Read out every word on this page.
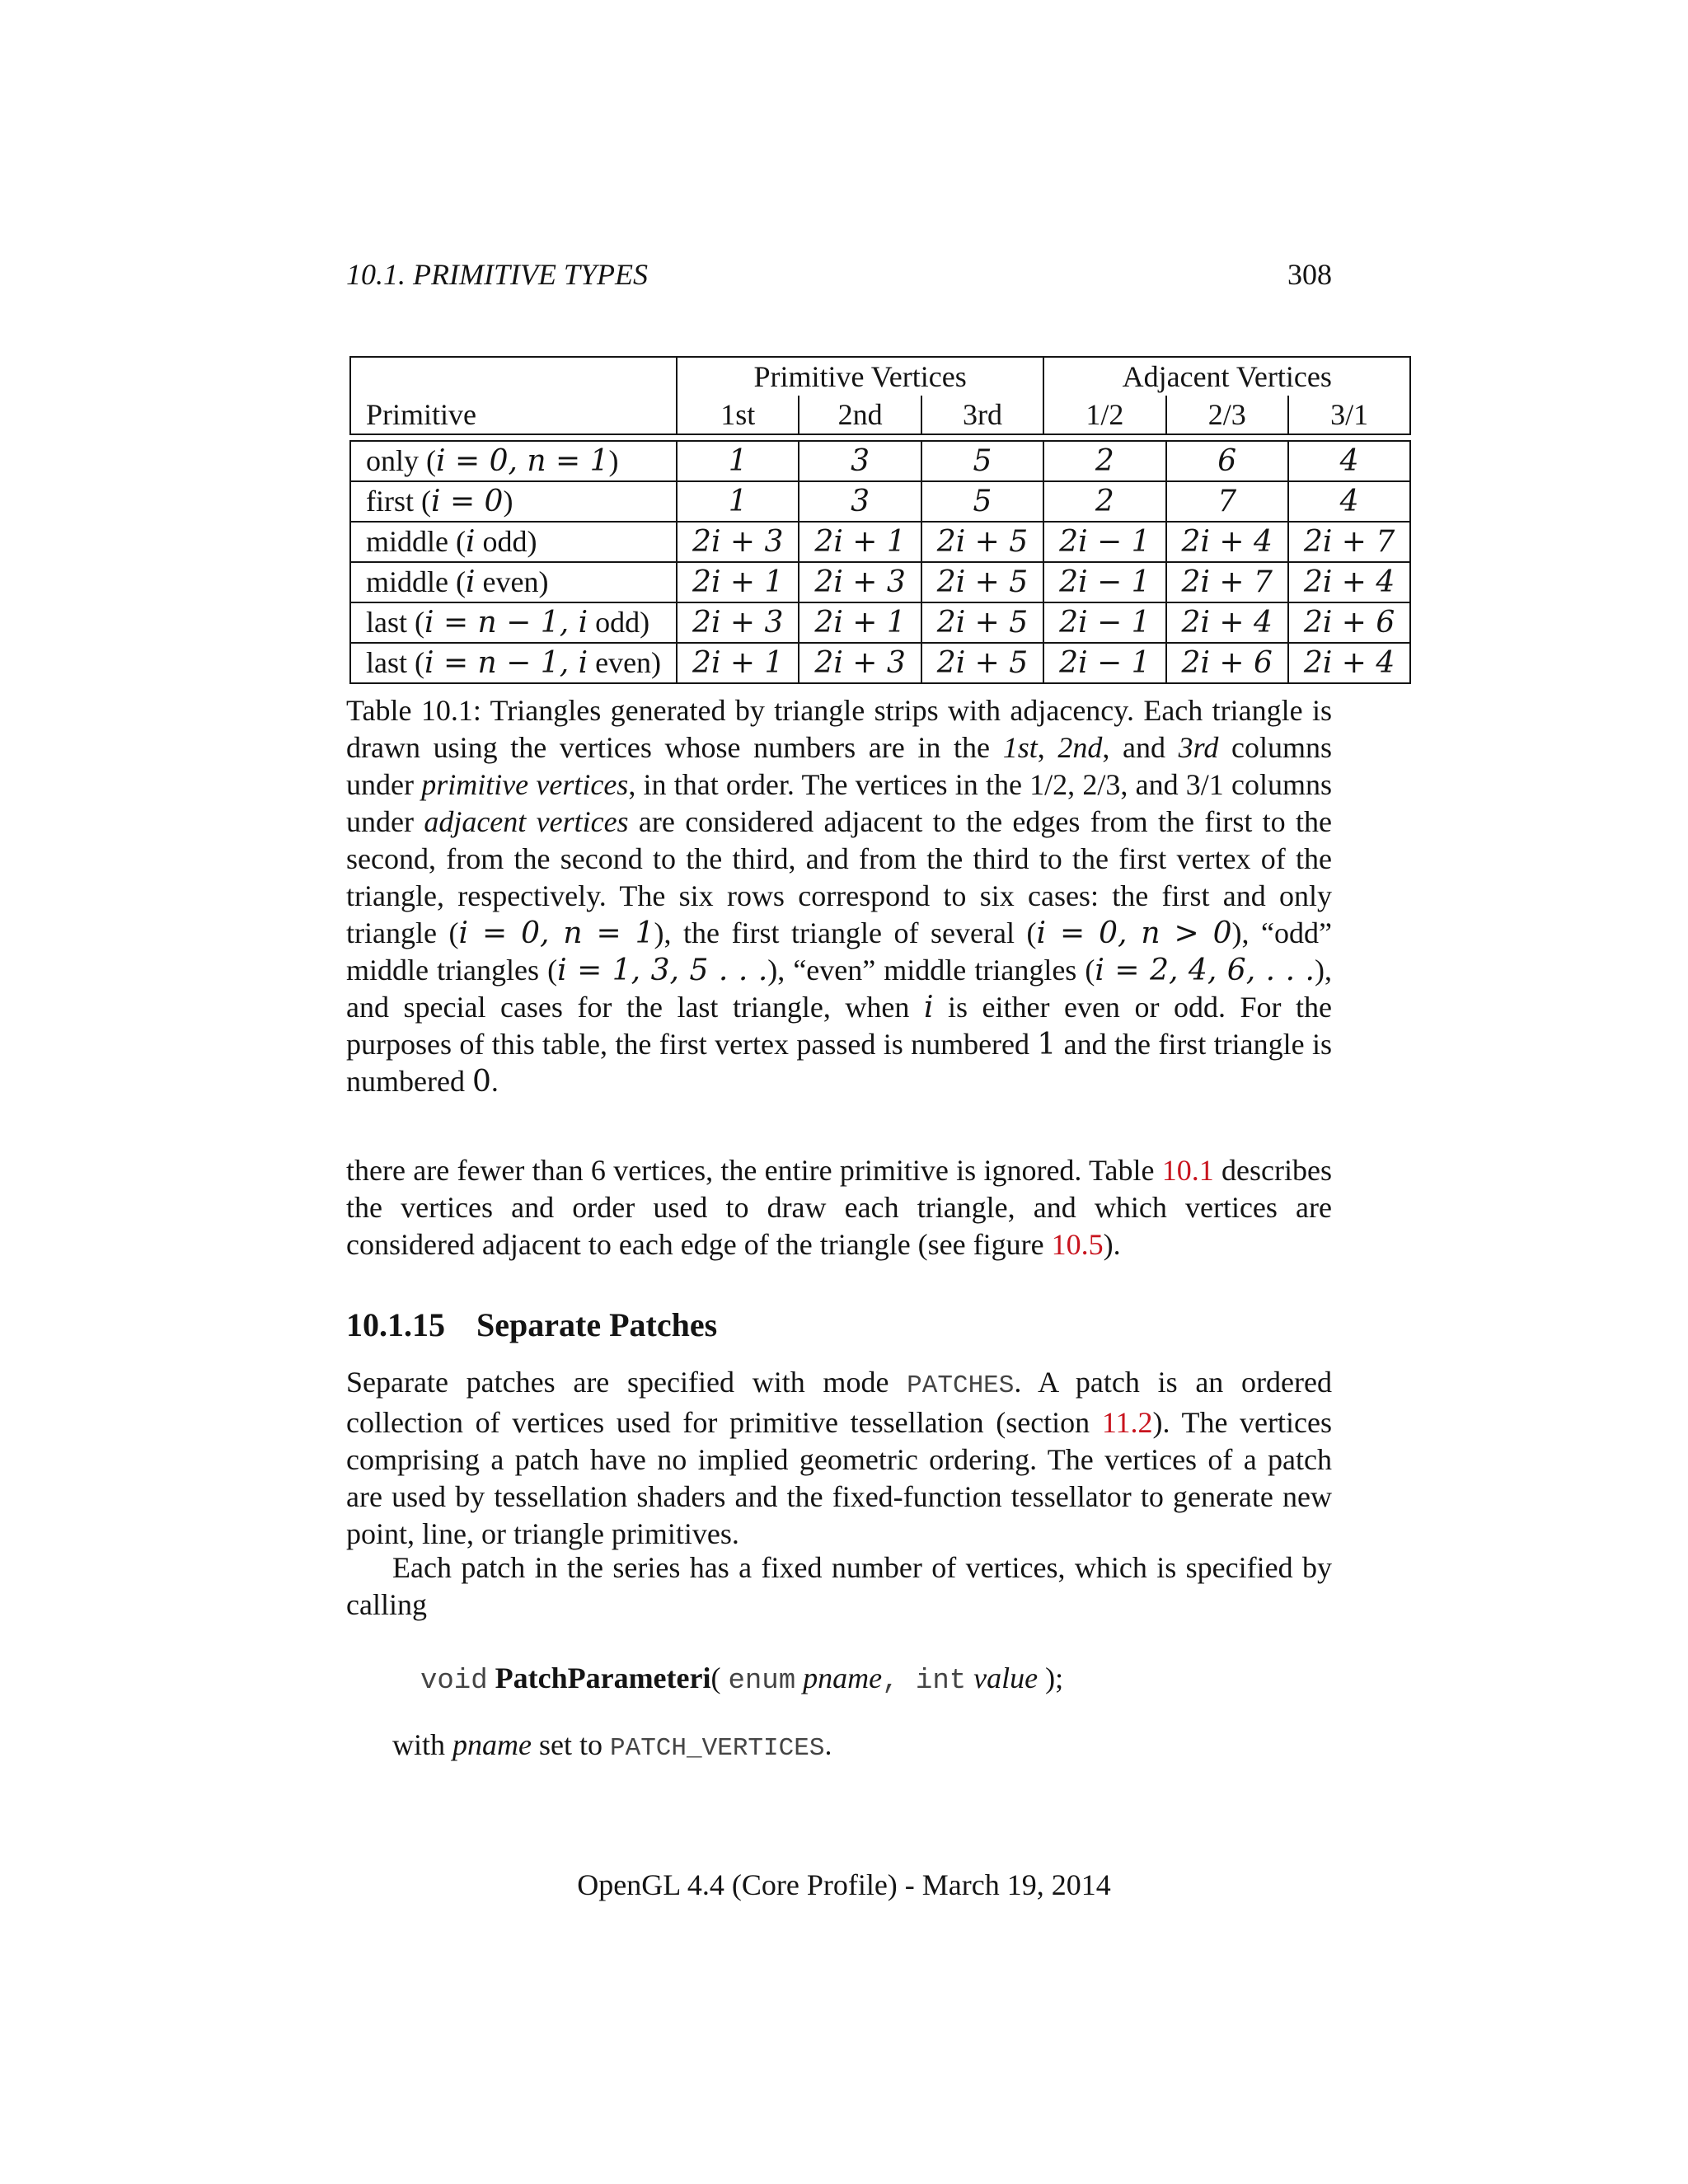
10.1. PRIMITIVE TYPES	308
	Primitive Vertices			Adjacent Vertices		
Primitive	1st	2nd	3rd	1/2	2/3	3/1

only (i = 0, n = 1)	1	3	5	2	6	4
first (i = 0)	1	3	5	2	7	4
middle (i odd)	2i + 3	2i + 1	2i + 5	2i − 1	2i + 4	2i + 7
middle (i even)	2i + 1	2i + 3	2i + 5	2i − 1	2i + 7	2i + 4
last (i = n − 1, i odd)	2i + 3	2i + 1	2i + 5	2i − 1	2i + 4	2i + 6
last (i = n − 1, i even)	2i + 1	2i + 3	2i + 5	2i − 1	2i + 6	2i + 4

Table 10.1: Triangles generated by triangle strips with adjacency. Each triangle is drawn using the vertices whose numbers are in the 1st, 2nd, and 3rd columns under primitive vertices, in that order. The vertices in the 1/2, 2/3, and 3/1 columns under adjacent vertices are considered adjacent to the edges from the first to the second, from the second to the third, and from the third to the first vertex of the triangle, respectively. The six rows correspond to six cases: the first and only triangle (i = 0, n = 1), the first triangle of several (i = 0, n > 0), “odd” middle triangles (i = 1, 3, 5 . . .), “even” middle triangles (i = 2, 4, 6, . . .), and special cases for the last triangle, when i is either even or odd. For the purposes of this table, the first vertex passed is numbered 1 and the first triangle is numbered 0.

there are fewer than 6 vertices, the entire primitive is ignored. Table 10.1 describes the vertices and order used to draw each triangle, and which vertices are considered adjacent to each edge of the triangle (see figure 10.5).

10.1.15 Separate Patches

Separate patches are specified with mode PATCHES. A patch is an ordered collection of vertices used for primitive tessellation (section 11.2). The vertices comprising a patch have no implied geometric ordering. The vertices of a patch are used by tessellation shaders and the fixed-function tessellator to generate new point, line, or triangle primitives.

Each patch in the series has a fixed number of vertices, which is specified by calling

void PatchParameteri( enum pname, int value );

with pname set to PATCH_VERTICES.

OpenGL 4.4 (Core Profile) - March 19, 2014
